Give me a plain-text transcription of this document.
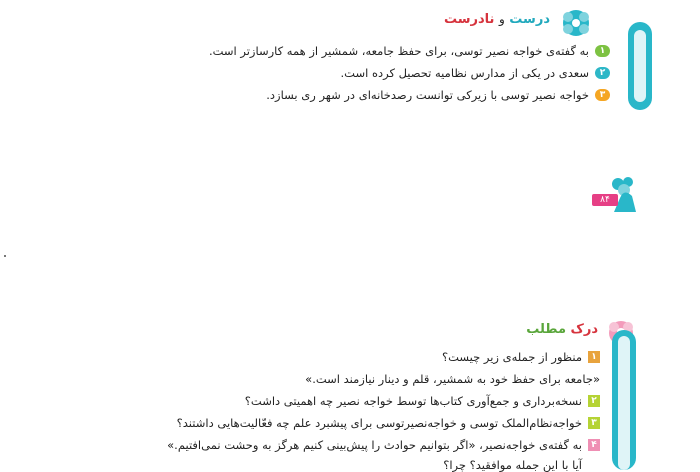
درست و نادرست
۱
به گفته‌ی خواجه نصیر توسی، برای حفظ جامعه، شمشیر از همه کارسازتر است.
۲
سعدی در یکی از مدارس نظامیه تحصیل کرده است.
۳
خواجه نصیر توسی با زیرکی توانست رصدخانه‌ای در شهر ری بسازد.
۸۴
درک مطلب
۱
منظور از جمله‌ی زیر چیست؟
«جامعه برای حفظ خود به شمشیر، قلم و دینار نیازمند است.»
۲
نسخه‌برداری و جمع‌آوری کتاب‌ها توسط خواجه نصیر چه اهمیتی داشت؟
۳
خواجه‌نظام‌الملک توسی و خواجه‌نصیرتوسی برای پیشبرد علم چه فعّالیت‌هایی داشتند؟
۴
به گفته‌ی خواجه‌نصیر، «اگر بتوانیم حوادث را پیش‌بینی کنیم هرگز به وحشت نمی‌افتیم.»
آیا با این جمله موافقید؟ چرا؟
